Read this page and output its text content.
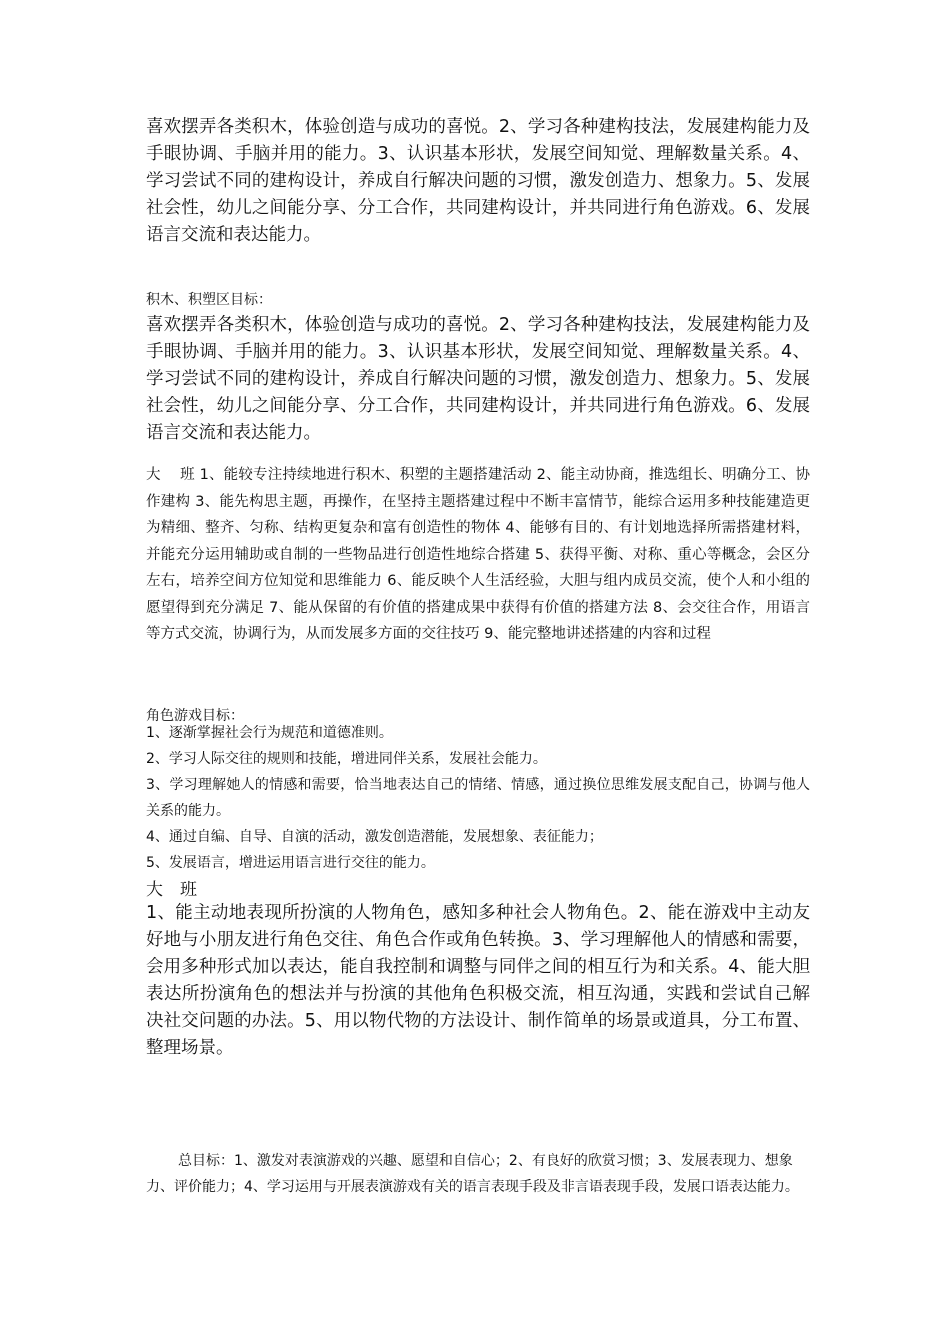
喜欢摆弄各类积木，体验创造与成功的喜悦。2、学习各种建构技法，发展建构能力及手眼协调、手脑并用的能力。3、认识基本形状，发展空间知觉、理解数量关系。4、学习尝试不同的建构设计，养成自行解决问题的习惯，激发创造力、想象力。5、发展社会性，幼儿之间能分享、分工合作，共同建构设计，并共同进行角色游戏。6、发展语言交流和表达能力。

积木、积塑区目标：

喜欢摆弄各类积木，体验创造与成功的喜悦。2、学习各种建构技法，发展建构能力及手眼协调、手脑并用的能力。3、认识基本形状，发展空间知觉、理解数量关系。4、学习尝试不同的建构设计，养成自行解决问题的习惯，激发创造力、想象力。5、发展社会性，幼儿之间能分享、分工合作，共同建构设计，并共同进行角色游戏。6、发展语言交流和表达能力。

大　 班 1、能较专注持续地进行积木、积塑的主题搭建活动 2、能主动协商，推选组长、明确分工、协作建构 3、能先构思主题，再操作，在坚持主题搭建过程中不断丰富情节，能综合运用多种技能建造更为精细、整齐、匀称、结构更复杂和富有创造性的物体 4、能够有目的、有计划地选择所需搭建材料，并能充分运用辅助或自制的一些物品进行创造性地综合搭建 5、获得平衡、对称、重心等概念，会区分左右，培养空间方位知觉和思维能力 6、能反映个人生活经验，大胆与组内成员交流，使个人和小组的愿望得到充分满足 7、能从保留的有价值的搭建成果中获得有价值的搭建方法 8、会交往合作，用语言等方式交流，协调行为，从而发展多方面的交往技巧 9、能完整地讲述搭建的内容和过程

角色游戏目标：
1、逐渐掌握社会行为规范和道德准则。
2、学习人际交往的规则和技能，增进同伴关系，发展社会能力。
3、学习理解她人的情感和需要，恰当地表达自己的情绪、情感，通过换位思维发展支配自己，协调与他人关系的能力。
4、通过自编、自导、自演的活动，激发创造潜能，发展想象、表征能力；
5、发展语言，增进运用语言进行交往的能力。
大　班

1、能主动地表现所扮演的人物角色，感知多种社会人物角色。2、能在游戏中主动友好地与小朋友进行角色交往、角色合作或角色转换。3、学习理解他人的情感和需要，会用多种形式加以表达，能自我控制和调整与同伴之间的相互行为和关系。4、能大胆表达所扮演角色的想法并与扮演的其他角色积极交流，相互沟通，实践和尝试自己解决社交问题的办法。5、用以物代物的方法设计、制作简单的场景或道具，分工布置、整理场景。

总目标：1、激发对表演游戏的兴趣、愿望和自信心；2、有良好的欣赏习惯；3、发展表现力、想象力、评价能力；4、学习运用与开展表演游戏有关的语言表现手段及非言语表现手段，发展口语表达能力。
